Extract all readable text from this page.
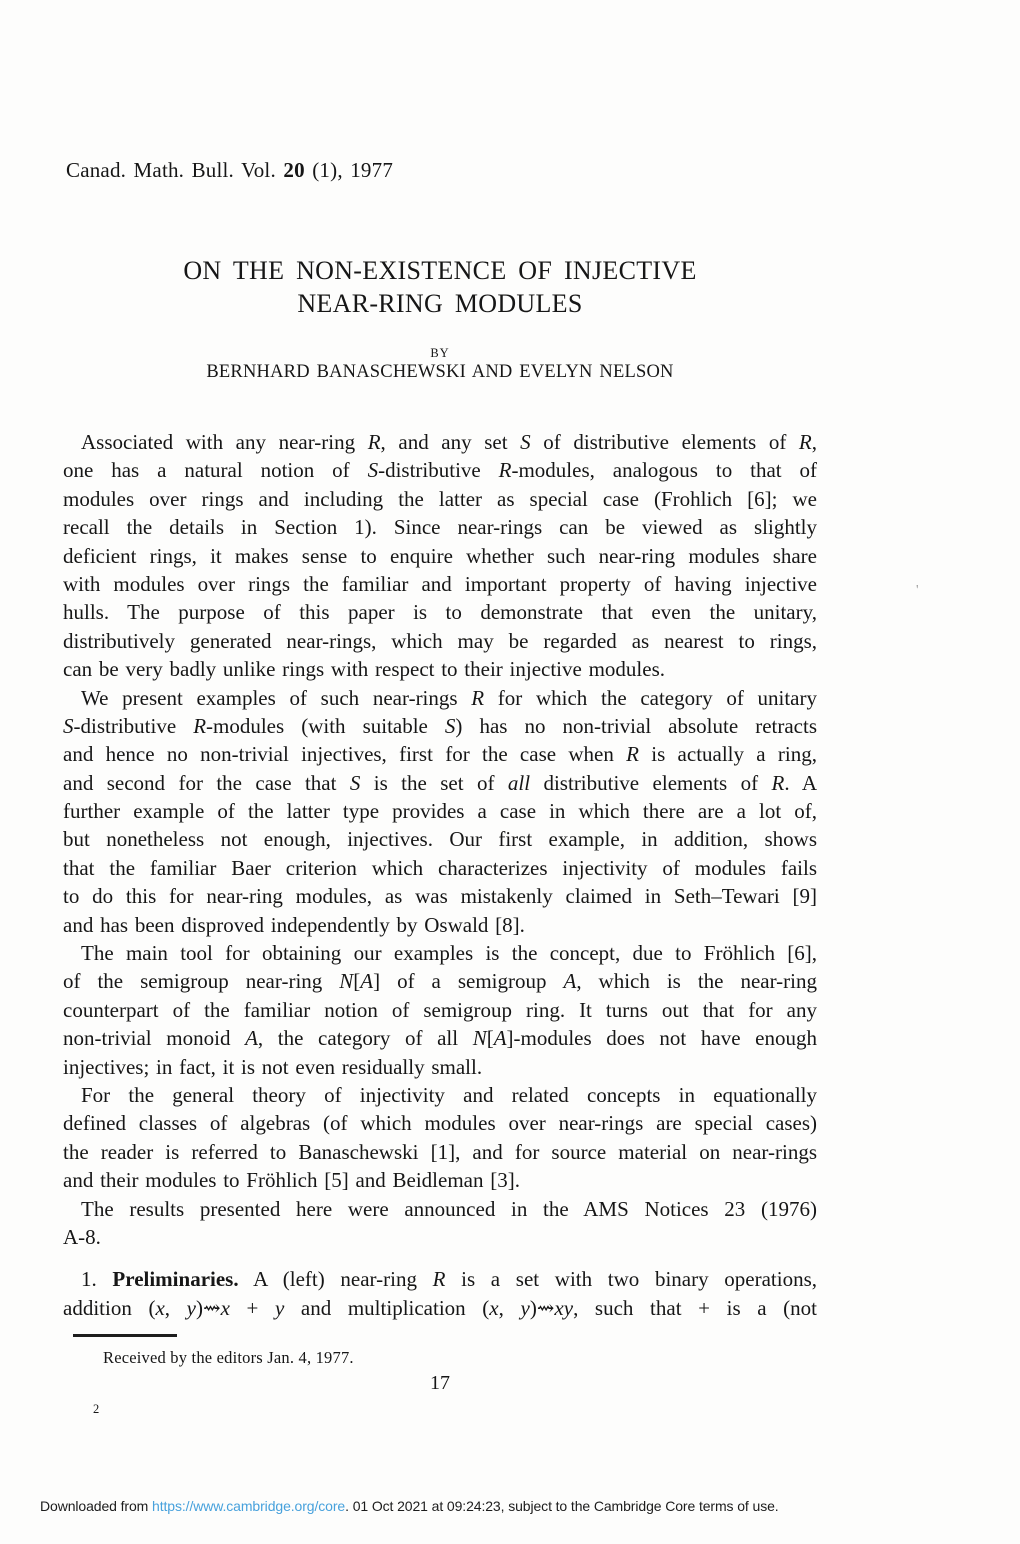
Canad. Math. Bull. Vol. 20 (1), 1977
ON THE NON-EXISTENCE OF INJECTIVE
NEAR-RING MODULES
BY
BERNHARD BANASCHEWSKI AND EVELYN NELSON
Associated with any near-ring R, and any set S of distributive elements of R,
one has a natural notion of S-distributive R-modules, analogous to that of
modules over rings and including the latter as special case (Frohlich [6]; we
recall the details in Section 1). Since near-rings can be viewed as slightly
deficient rings, it makes sense to enquire whether such near-ring modules share
with modules over rings the familiar and important property of having injective
hulls. The purpose of this paper is to demonstrate that even the unitary,
distributively generated near-rings, which may be regarded as nearest to rings,
can be very badly unlike rings with respect to their injective modules.
We present examples of such near-rings R for which the category of unitary
S-distributive R-modules (with suitable S) has no non-trivial absolute retracts
and hence no non-trivial injectives, first for the case when R is actually a ring,
and second for the case that S is the set of all distributive elements of R. A
further example of the latter type provides a case in which there are a lot of,
but nonetheless not enough, injectives. Our first example, in addition, shows
that the familiar Baer criterion which characterizes injectivity of modules fails
to do this for near-ring modules, as was mistakenly claimed in Seth–Tewari [9]
and has been disproved independently by Oswald [8].
The main tool for obtaining our examples is the concept, due to Fröhlich [6],
of the semigroup near-ring N[A] of a semigroup A, which is the near-ring
counterpart of the familiar notion of semigroup ring. It turns out that for any
non-trivial monoid A, the category of all N[A]-modules does not have enough
injectives; in fact, it is not even residually small.
For the general theory of injectivity and related concepts in equationally
defined classes of algebras (of which modules over near-rings are special cases)
the reader is referred to Banaschewski [1], and for source material on near-rings
and their modules to Fröhlich [5] and Beidleman [3].
The results presented here were announced in the AMS Notices 23 (1976)
A-8.
1. Preliminaries. A (left) near-ring R is a set with two binary operations,
addition (x, y)⇝x + y and multiplication (x, y)⇝xy, such that + is a (not
'
Received by the editors Jan. 4, 1977.
17
2
Downloaded from https://www.cambridge.org/core. 01 Oct 2021 at 09:24:23, subject to the Cambridge Core terms of use.
